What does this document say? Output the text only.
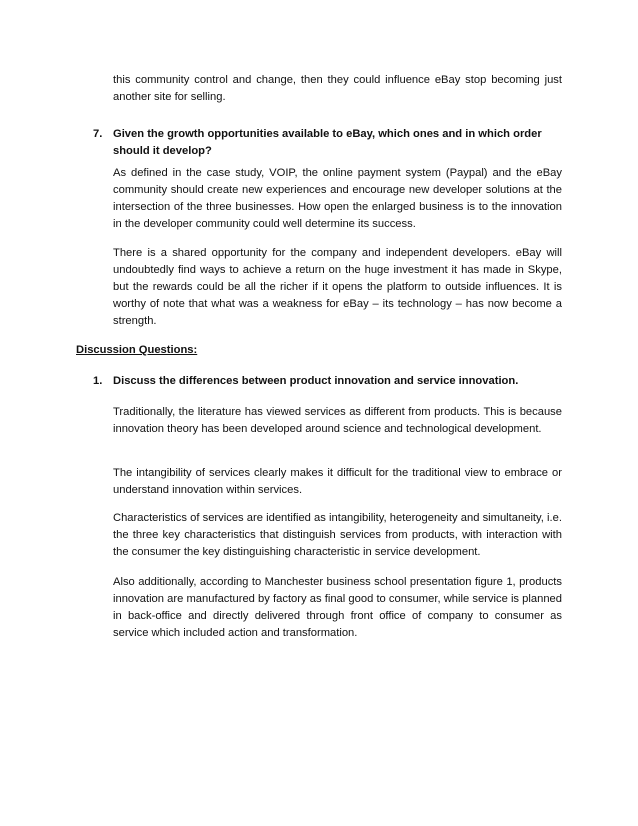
this community control and change, then they could influence eBay stop becoming just another site for selling.

7. Given the growth opportunities available to eBay, which ones and in which order should it develop?

As defined in the case study, VOIP, the online payment system (Paypal) and the eBay community should create new experiences and encourage new developer solutions at the intersection of the three businesses. How open the enlarged business is to the innovation in the developer community could well determine its success.

There is a shared opportunity for the company and independent developers. eBay will undoubtedly find ways to achieve a return on the huge investment it has made in Skype, but the rewards could be all the richer if it opens the platform to outside influences. It is worthy of note that what was a weakness for eBay – its technology – has now become a strength.

Discussion Questions:
1. Discuss the differences between product innovation and service innovation.

Traditionally, the literature has viewed services as different from products. This is because innovation theory has been developed around science and technological development.

The intangibility of services clearly makes it difficult for the traditional view to embrace or understand innovation within services.

Characteristics of services are identified as intangibility, heterogeneity and simultaneity, i.e. the three key characteristics that distinguish services from products, with interaction with the consumer the key distinguishing characteristic in service development.

Also additionally, according to Manchester business school presentation figure 1, products innovation are manufactured by factory as final good to consumer, while service is planned in back-office and directly delivered through front office of company to consumer as service which included action and transformation.
